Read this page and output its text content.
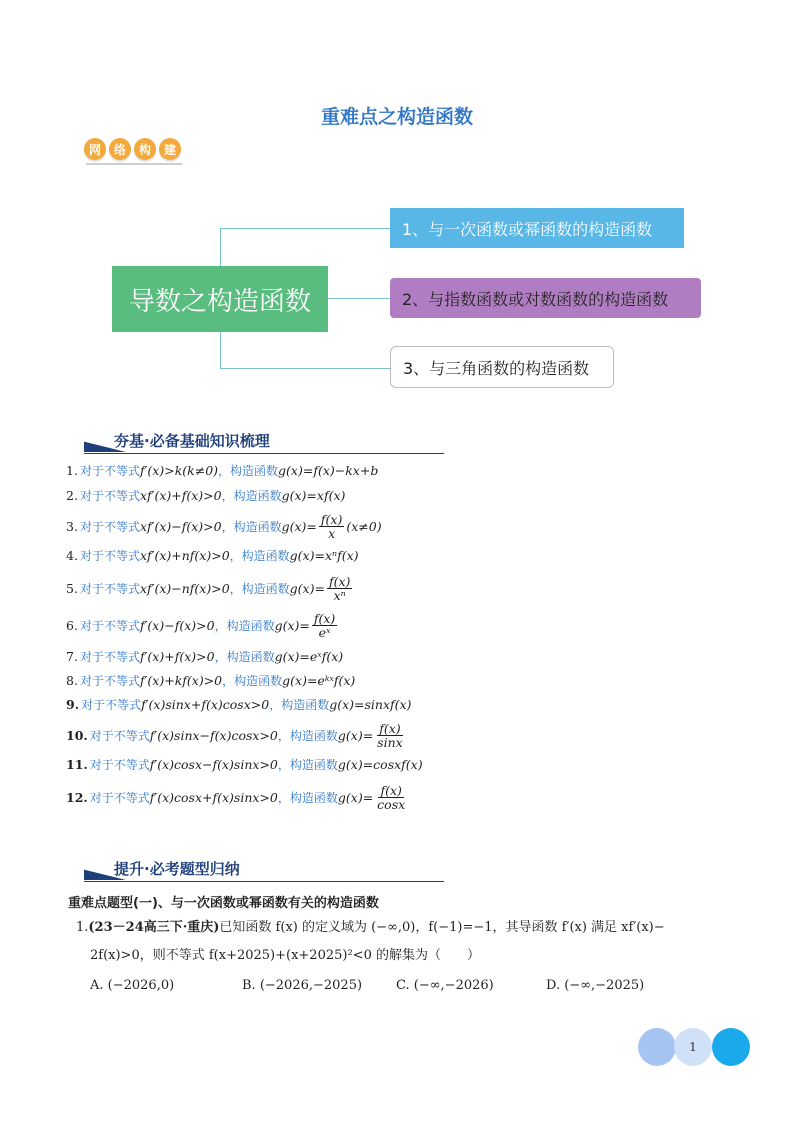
重难点之构造函数
网	络	构	建
导数之构造函数
1、与一次函数或幂函数的构造函数
2、与指数函数或对数函数的构造函数
3、与三角函数的构造函数
夯基·必备基础知识梳理
1. 对于不等式 f′(x)>k(k≠0) ，构造函数 g(x)=f(x)−kx+b
2. 对于不等式 xf′(x)+f(x)>0 ，构造函数 g(x)=xf(x)
3. 对于不等式 xf′(x)−f(x)>0 ，构造函数 $g(x)= \frac{f(x)}{x} (x\ne 0)$
4. 对于不等式 xf′(x)+nf(x)>0 ，构造函数 g(x)=xⁿf(x)
5. 对于不等式 xf′(x)−nf(x)>0 ，构造函数 $g(x)= \frac{f(x)}{\text{xⁿ}}$
6. 对于不等式 f′(x)−f(x)>0 ，构造函数 $g(x)= \frac{f(x)}{\text{eˣ}}$
7. 对于不等式 f′(x)+f(x)>0 ，构造函数 g(x)=eˣf(x)
8. 对于不等式 f′(x)+kf(x)>0 ，构造函数 g(x)=eᵏˣf(x)
9. 对于不等式 f′(x)sinx+f(x)cosx>0 ，构造函数 g(x)=sinxf(x)
10. 对于不等式 f′(x)sinx−f(x)cosx>0 ，构造函数 $g(x)= \frac{f(x)}{\sin x}$
11. 对于不等式 f′(x)cosx−f(x)sinx>0 ，构造函数 g(x)=cosxf(x)
12. 对于不等式 f′(x)cosx+f(x)sinx>0 ，构造函数 $g(x)= \frac{f(x)}{\cos x}$
提升·必考题型归纳
重难点题型(一)、与一次函数或幂函数有关的构造函数
1.(23－24高三下·重庆)已知函数 f(x) 的定义域为 (−∞,0)，f(−1)=−1，其导函数 f′(x) 满足 xf′(x)−
2f(x)>0，则不等式 f(x+2025)+(x+2025)²<0 的解集为（　　）
A. (−2026,0)	B. (−2026,−2025)	C. (−∞,−2026)	D. (−∞,−2025)
1
